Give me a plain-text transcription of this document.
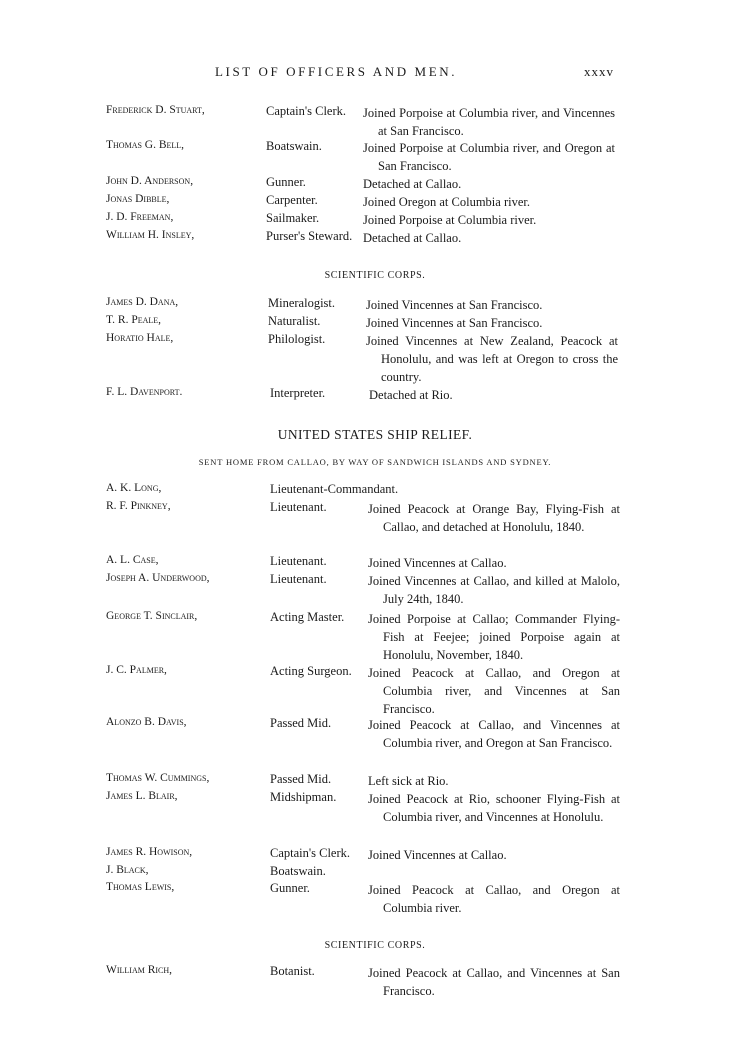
LIST OF OFFICERS AND MEN.	xxxv
Frederick D. Stuart,	Captain's Clerk. Joined Porpoise at Columbia river, and Vincennes at San Francisco.
Thomas G. Bell,	Boatswain.	Joined Porpoise at Columbia river, and Oregon at San Francisco.
John D. Anderson,	Gunner.	Detached at Callao.
Jonas Dibble,	Carpenter.	Joined Oregon at Columbia river.
J. D. Freeman,	Sailmaker.	Joined Porpoise at Columbia river.
William H. Insley,	Purser's Steward. Detached at Callao.
SCIENTIFIC CORPS.
James D. Dana,	Mineralogist. Joined Vincennes at San Francisco.
T. R. Peale,	Naturalist.	Joined Vincennes at San Francisco.
Horatio Hale,	Philologist.	Joined Vincennes at New Zealand, Peacock at Honolulu, and was left at Oregon to cross the country.
F. L. Davenport.	Interpreter.	Detached at Rio.
UNITED STATES SHIP RELIEF.
SENT HOME FROM CALLAO, BY WAY OF SANDWICH ISLANDS AND SYDNEY.
A. K. Long,	Lieutenant-Commandant.
R. F. Pinkney,	Lieutenant.	Joined Peacock at Orange Bay, Flying-Fish at Callao, and detached at Honolulu, 1840.
A. L. Case,	Lieutenant.	Joined Vincennes at Callao.
Joseph A. Underwood,	Lieutenant.	Joined Vincennes at Callao, and killed at Malolo, July 24th, 1840.
George T. Sinclair,	Acting Master. Joined Porpoise at Callao; Commander Flying-Fish at Feejee; joined Porpoise again at Honolulu, November, 1840.
J. C. Palmer,	Acting Surgeon. Joined Peacock at Callao, and Oregon at Columbia river, and Vincennes at San Francisco.
Alonzo B. Davis,	Passed Mid.	Joined Peacock at Callao, and Vincennes at Columbia river, and Oregon at San Francisco.
Thomas W. Cummings,	Passed Mid.	Left sick at Rio.
James L. Blair,	Midshipman.	Joined Peacock at Rio, schooner Flying-Fish at Columbia river, and Vincennes at Honolulu.
James R. Howison,	Captain's Clerk. Joined Vincennes at Callao.
J. Black,	Boatswain.
Thomas Lewis,	Gunner.	Joined Peacock at Callao, and Oregon at Columbia river.
SCIENTIFIC CORPS.
William Rich,	Botanist.	Joined Peacock at Callao, and Vincennes at San Francisco.
